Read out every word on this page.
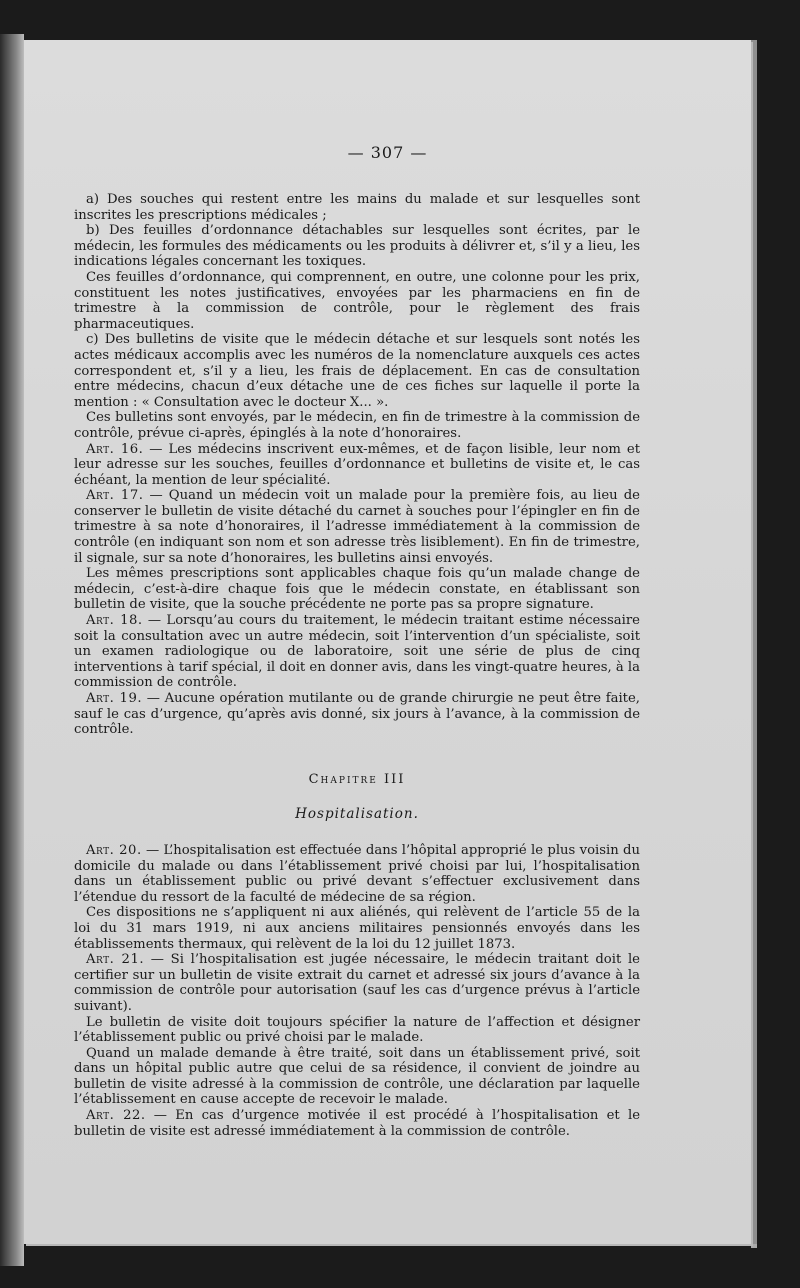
— 307 —

a) Des souches qui restent entre les mains du malade et sur lesquelles sont inscrites les prescriptions médicales ;

b) Des feuilles d’ordonnance détachables sur lesquelles sont écrites, par le médecin, les formules des médicaments ou les produits à délivrer et, s’il y a lieu, les indications légales concernant les toxiques.

Ces feuilles d’ordonnance, qui comprennent, en outre, une colonne pour les prix, constituent les notes justificatives, envoyées par les pharmaciens en fin de trimestre à la commission de contrôle, pour le règlement des frais pharmaceutiques.

c) Des bulletins de visite que le médecin détache et sur lesquels sont notés les actes médicaux accomplis avec les numéros de la nomenclature auxquels ces actes correspondent et, s’il y a lieu, les frais de déplacement. En cas de consultation entre médecins, chacun d’eux détache une de ces fiches sur laquelle il porte la mention : « Consultation avec le docteur X... ».

Ces bulletins sont envoyés, par le médecin, en fin de trimestre à la commission de contrôle, prévue ci-après, épinglés à la note d’honoraires.

Art. 16. — Les médecins inscrivent eux-mêmes, et de façon lisible, leur nom et leur adresse sur les souches, feuilles d’ordonnance et bulletins de visite et, le cas échéant, la mention de leur spécialité.

Art. 17. — Quand un médecin voit un malade pour la première fois, au lieu de conserver le bulletin de visite détaché du carnet à souches pour l’épingler en fin de trimestre à sa note d’honoraires, il l’adresse immédiatement à la commission de contrôle (en indiquant son nom et son adresse très lisiblement). En fin de trimestre, il signale, sur sa note d’honoraires, les bulletins ainsi envoyés.

Les mêmes prescriptions sont applicables chaque fois qu’un malade change de médecin, c’est-à-dire chaque fois que le médecin constate, en établissant son bulletin de visite, que la souche précédente ne porte pas sa propre signature.

Art. 18. — Lorsqu’au cours du traitement, le médecin traitant estime nécessaire soit la consultation avec un autre médecin, soit l’intervention d’un spécialiste, soit un examen radiologique ou de laboratoire, soit une série de plus de cinq interventions à tarif spécial, il doit en donner avis, dans les vingt-quatre heures, à la commission de contrôle.

Art. 19. — Aucune opération mutilante ou de grande chirurgie ne peut être faite, sauf le cas d’urgence, qu’après avis donné, six jours à l’avance, à la commission de contrôle.

Chapitre III

Hospitalisation.

Art. 20. — L’hospitalisation est effectuée dans l’hôpital approprié le plus voisin du domicile du malade ou dans l’établissement privé choisi par lui, l’hospitalisation dans un établissement public ou privé devant s’effectuer exclusivement dans l’étendue du ressort de la faculté de médecine de sa région.

Ces dispositions ne s’appliquent ni aux aliénés, qui relèvent de l’article 55 de la loi du 31 mars 1919, ni aux anciens militaires pensionnés envoyés dans les établissements thermaux, qui relèvent de la loi du 12 juillet 1873.

Art. 21. — Si l’hospitalisation est jugée nécessaire, le médecin traitant doit le certifier sur un bulletin de visite extrait du carnet et adressé six jours d’avance à la commission de contrôle pour autorisation (sauf les cas d’urgence prévus à l’article suivant).

Le bulletin de visite doit toujours spécifier la nature de l’affection et désigner l’établissement public ou privé choisi par le malade.

Quand un malade demande à être traité, soit dans un établissement privé, soit dans un hôpital public autre que celui de sa résidence, il convient de joindre au bulletin de visite adressé à la commission de contrôle, une déclaration par laquelle l’établissement en cause accepte de recevoir le malade.

Art. 22. — En cas d’urgence motivée il est procédé à l’hospitalisation et le bulletin de visite est adressé immédiatement à la commission de contrôle.
